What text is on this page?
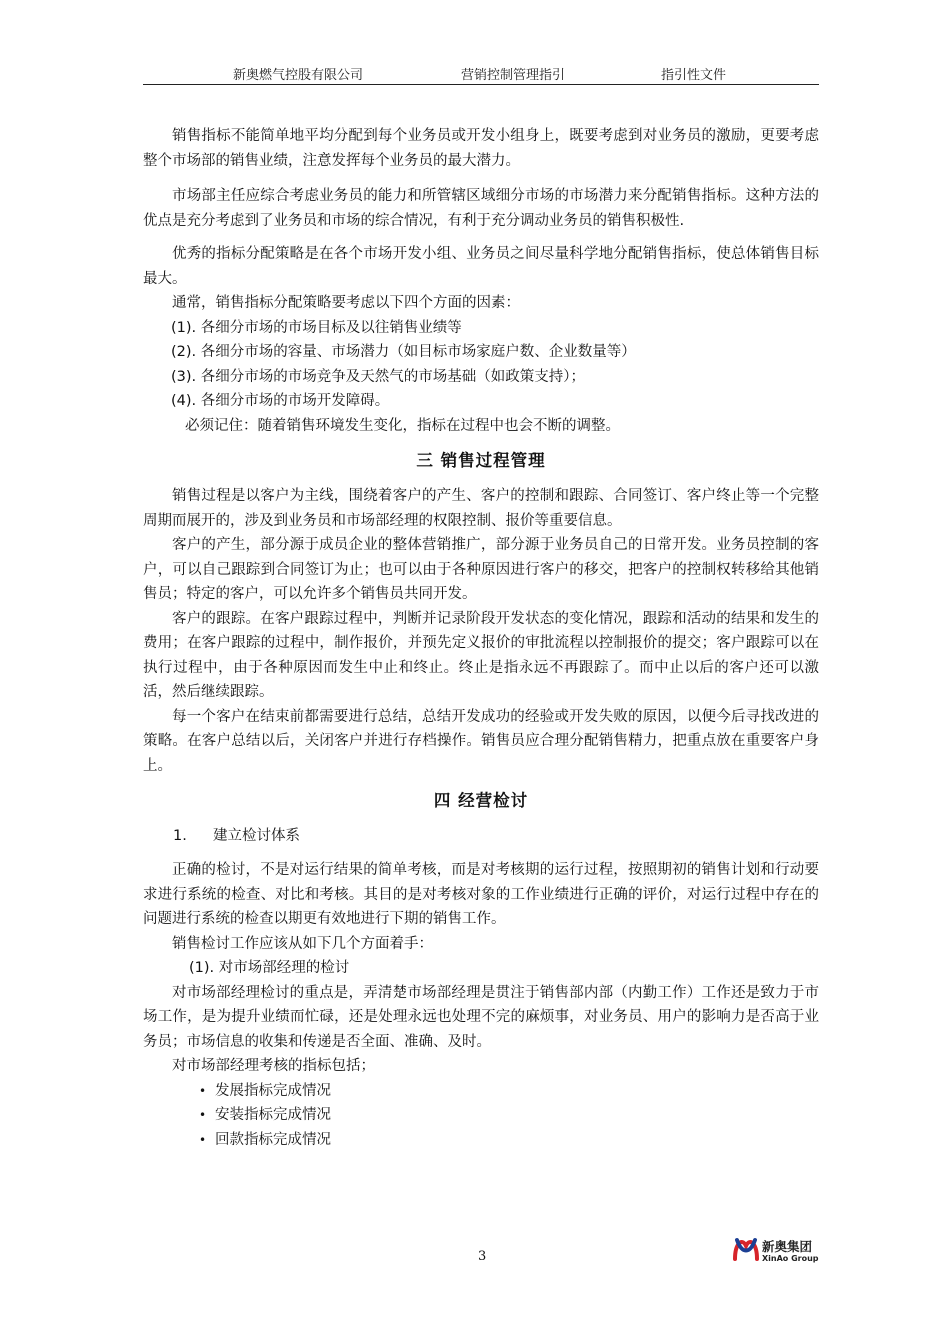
新奥燃气控股有限公司	营销控制管理指引	指引性文件

销售指标不能简单地平均分配到每个业务员或开发小组身上，既要考虑到对业务员的激励，更要考虑整个市场部的销售业绩，注意发挥每个业务员的最大潜力。

市场部主任应综合考虑业务员的能力和所管辖区域细分市场的市场潜力来分配销售指标。这种方法的优点是充分考虑到了业务员和市场的综合情况，有利于充分调动业务员的销售积极性.

优秀的指标分配策略是在各个市场开发小组、业务员之间尽量科学地分配销售指标，使总体销售目标最大。

通常，销售指标分配策略要考虑以下四个方面的因素：

(1). 各细分市场的市场目标及以往销售业绩等

(2). 各细分市场的容量、市场潜力（如目标市场家庭户数、企业数量等）

(3). 各细分市场的市场竞争及天然气的市场基础（如政策支持）；

(4). 各细分市场的市场开发障碍。

必须记住：随着销售环境发生变化，指标在过程中也会不断的调整。

三 销售过程管理

销售过程是以客户为主线，围绕着客户的产生、客户的控制和跟踪、合同签订、客户终止等一个完整周期而展开的，涉及到业务员和市场部经理的权限控制、报价等重要信息。

客户的产生，部分源于成员企业的整体营销推广，部分源于业务员自己的日常开发。业务员控制的客户，可以自己跟踪到合同签订为止；也可以由于各种原因进行客户的移交，把客户的控制权转移给其他销售员；特定的客户，可以允许多个销售员共同开发。

客户的跟踪。在客户跟踪过程中，判断并记录阶段开发状态的变化情况，跟踪和活动的结果和发生的费用；在客户跟踪的过程中，制作报价，并预先定义报价的审批流程以控制报价的提交；客户跟踪可以在执行过程中，由于各种原因而发生中止和终止。终止是指永远不再跟踪了。而中止以后的客户还可以激活，然后继续跟踪。

每一个客户在结束前都需要进行总结，总结开发成功的经验或开发失败的原因，以便今后寻找改进的策略。在客户总结以后，关闭客户并进行存档操作。销售员应合理分配销售精力，把重点放在重要客户身上。

四 经营检讨

1. 建立检讨体系

正确的检讨，不是对运行结果的简单考核，而是对考核期的运行过程，按照期初的销售计划和行动要求进行系统的检查、对比和考核。其目的是对考核对象的工作业绩进行正确的评价，对运行过程中存在的问题进行系统的检查以期更有效地进行下期的销售工作。

销售检讨工作应该从如下几个方面着手：

(1). 对市场部经理的检讨

对市场部经理检讨的重点是，弄清楚市场部经理是贯注于销售部内部（内勤工作）工作还是致力于市场工作，是为提升业绩而忙碌，还是处理永远也处理不完的麻烦事，对业务员、用户的影响力是否高于业务员；市场信息的收集和传递是否全面、准确、及时。

对市场部经理考核的指标包括；

• 发展指标完成情况

• 安装指标完成情况

• 回款指标完成情况

3
新奥集团
XinAo Group
